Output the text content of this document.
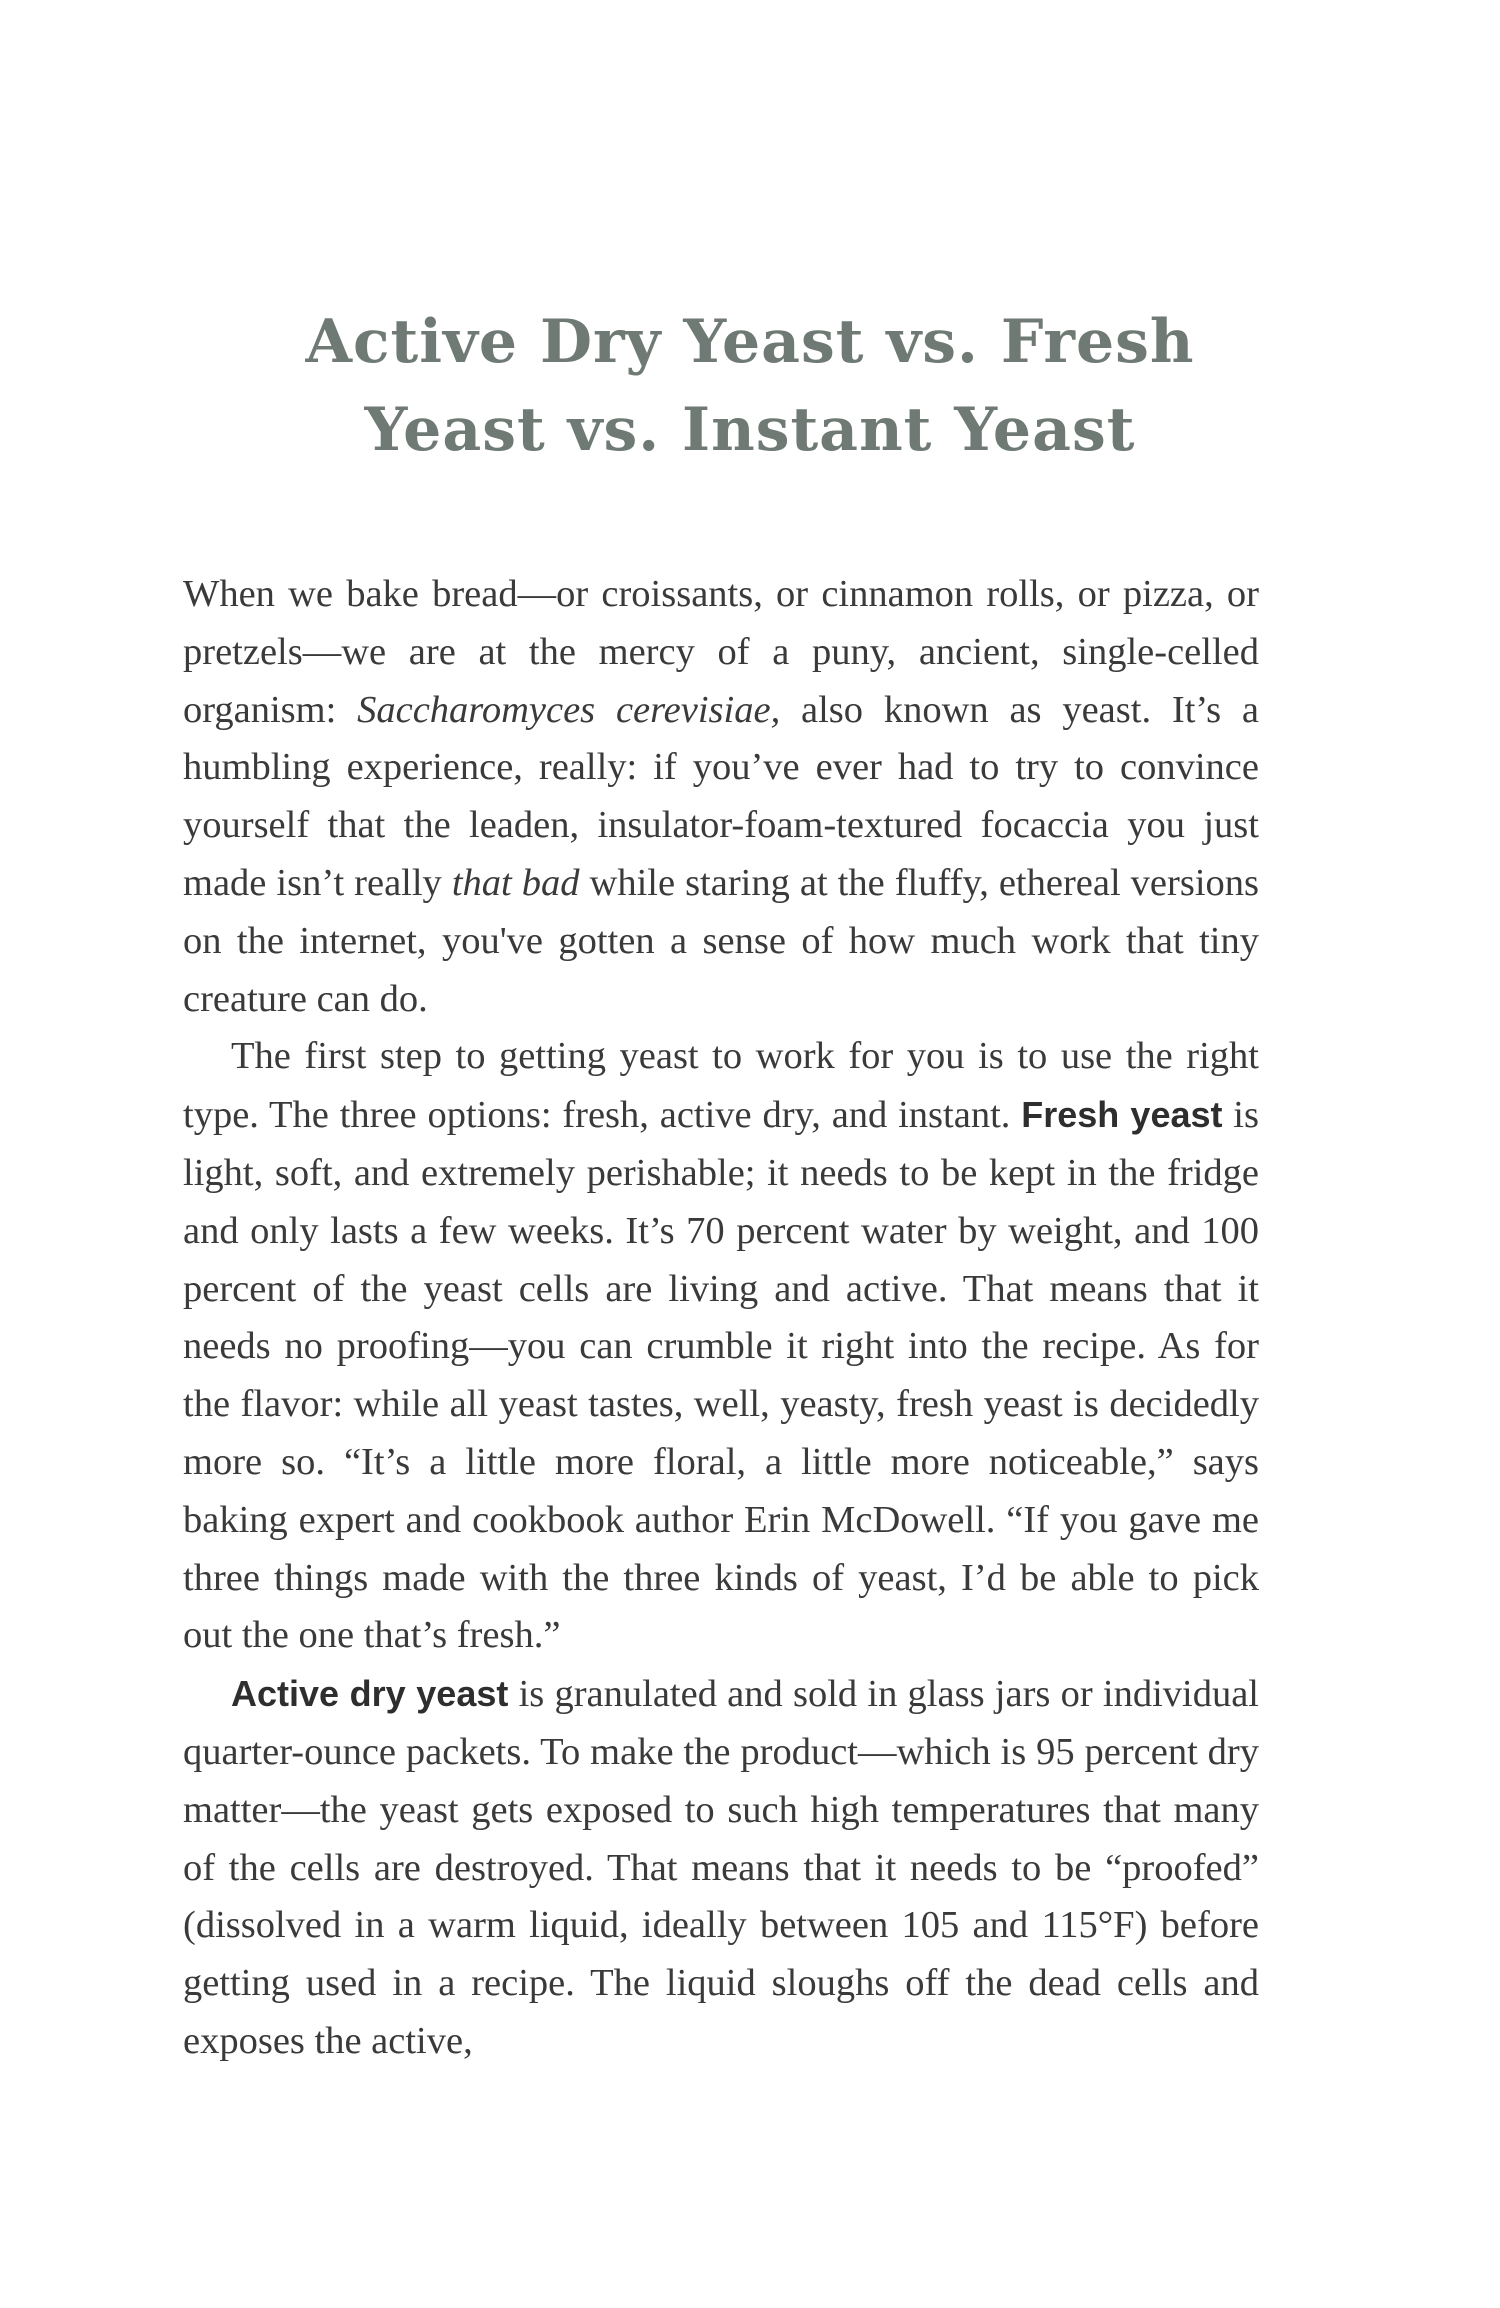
Active Dry Yeast vs. Fresh
Yeast vs. Instant Yeast

When we bake bread—or croissants, or cinnamon rolls, or pizza, or pretzels—we are at the mercy of a puny, ancient, single-celled organism: Saccharomyces cerevisiae, also known as yeast. It’s a humbling experience, really: if you’ve ever had to try to convince yourself that the leaden, insulator-foam-textured focaccia you just made isn’t really that bad while staring at the fluffy, ethereal versions on the internet, you've gotten a sense of how much work that tiny creature can do.

The first step to getting yeast to work for you is to use the right type. The three options: fresh, active dry, and instant. Fresh yeast is light, soft, and extremely perishable; it needs to be kept in the fridge and only lasts a few weeks. It’s 70 percent water by weight, and 100 percent of the yeast cells are living and active. That means that it needs no proofing—you can crumble it right into the recipe. As for the flavor: while all yeast tastes, well, yeasty, fresh yeast is decidedly more so. “It’s a little more floral, a little more noticeable,” says baking expert and cookbook author Erin McDowell. “If you gave me three things made with the three kinds of yeast, I’d be able to pick out the one that’s fresh.”

Active dry yeast is granulated and sold in glass jars or individual quarter-ounce packets. To make the product—which is 95 percent dry matter—the yeast gets exposed to such high temperatures that many of the cells are destroyed. That means that it needs to be “proofed” (dissolved in a warm liquid, ideally between 105 and 115°F) before getting used in a recipe. The liquid sloughs off the dead cells and exposes the active,
